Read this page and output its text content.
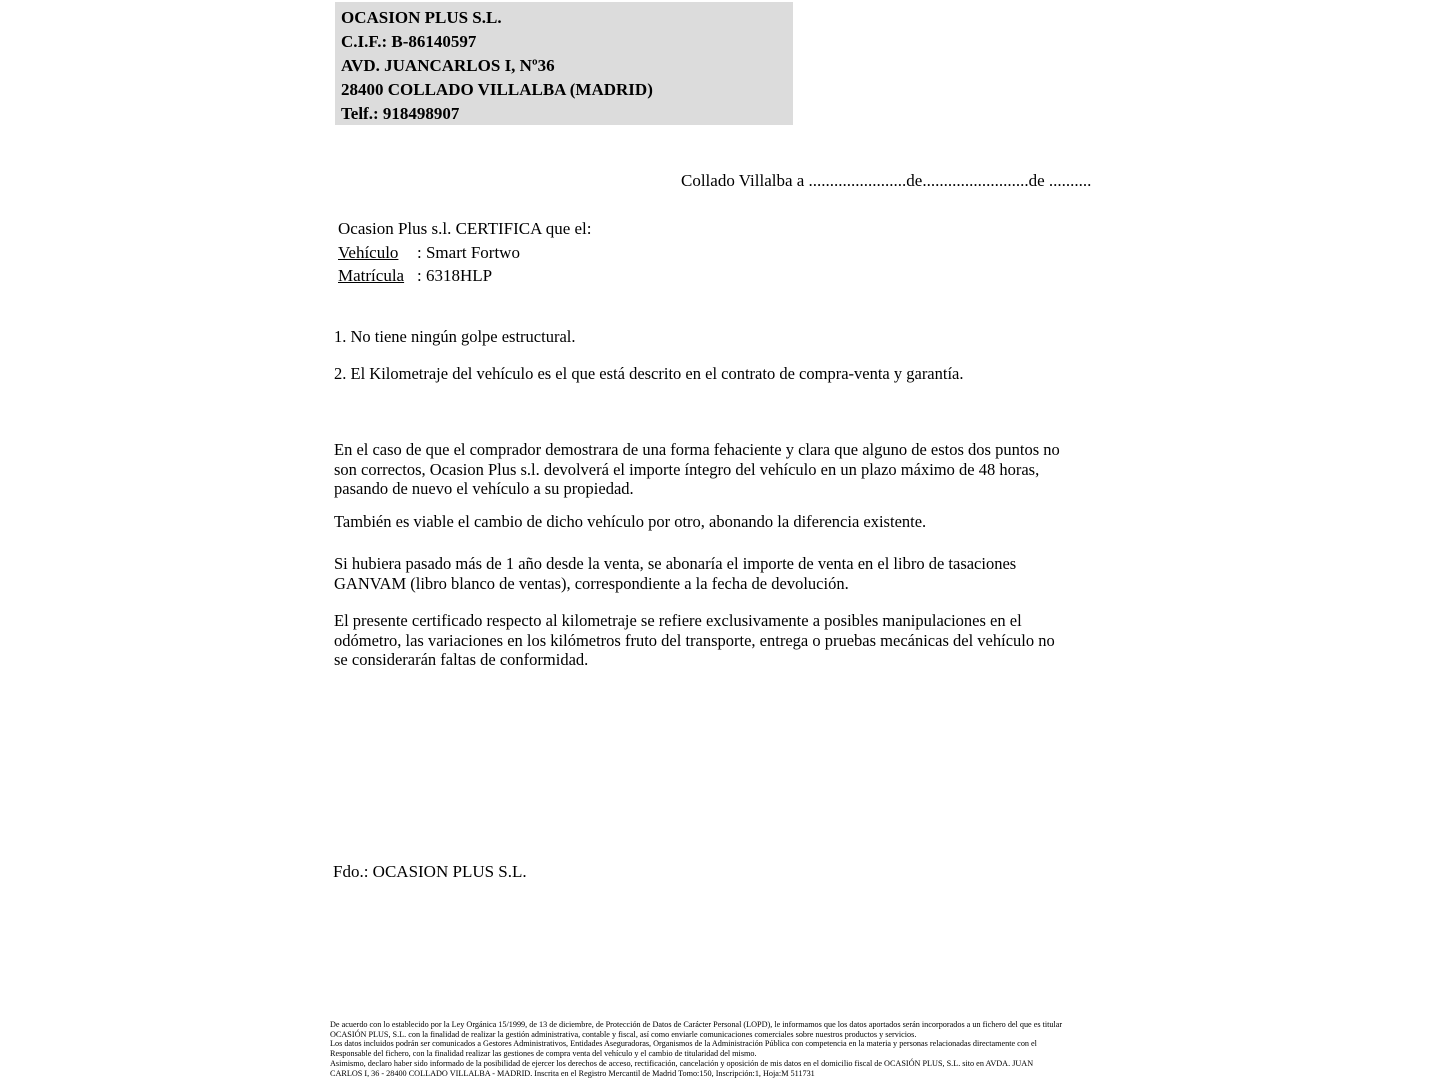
OCASION PLUS S.L.
C.I.F.: B-86140597
AVD. JUANCARLOS I, Nº36
28400 COLLADO VILLALBA (MADRID)
Telf.: 918498907
Collado Villalba a .......................de.........................de ..........
Ocasion Plus s.l. CERTIFICA que el:
Vehículo : Smart Fortwo
Matrícula : 6318HLP
1. No tiene ningún golpe estructural.
2. El Kilometraje del vehículo es el que está descrito en el contrato de compra-venta y garantía.
En el caso de que el comprador demostrara de una forma fehaciente y clara que alguno de estos dos puntos no
son correctos, Ocasion Plus s.l. devolverá el importe íntegro del vehículo en un plazo máximo de 48 horas,
pasando de nuevo el vehículo a su propiedad.
También es viable el cambio de dicho vehículo por otro, abonando la diferencia existente.
Si hubiera pasado más de 1 año desde la venta, se abonaría el importe de venta en el libro de tasaciones
GANVAM (libro blanco de ventas), correspondiente a la fecha de devolución.
El presente certificado respecto al kilometraje se refiere exclusivamente a posibles manipulaciones en el
odómetro, las variaciones en los kilómetros fruto del transporte, entrega o pruebas mecánicas del vehículo no
se considerarán faltas de conformidad.
Fdo.: OCASION PLUS S.L.
De acuerdo con lo establecido por la Ley Orgánica 15/1999, de 13 de diciembre, de Protección de Datos de Carácter Personal (LOPD), le informamos que los datos aportados serán incorporados a un fichero del que es titular
OCASIÓN PLUS, S.L. con la finalidad de realizar la gestión administrativa, contable y fiscal, así como enviarle comunicaciones comerciales sobre nuestros productos y servicios.
Los datos incluidos podrán ser comunicados a Gestores Administrativos, Entidades Aseguradoras, Organismos de la Administración Pública con competencia en la materia y personas relacionadas directamente con el
Responsable del fichero, con la finalidad realizar las gestiones de compra venta del vehículo y el cambio de titularidad del mismo.
Asimismo, declaro haber sido informado de la posibilidad de ejercer los derechos de acceso, rectificación, cancelación y oposición de mis datos en el domicilio fiscal de OCASIÓN PLUS, S.L. sito en AVDA. JUAN
CARLOS I, 36 - 28400 COLLADO VILLALBA - MADRID. Inscrita en el Registro Mercantil de Madrid Tomo:150, Inscripción:1, Hoja:M 511731
